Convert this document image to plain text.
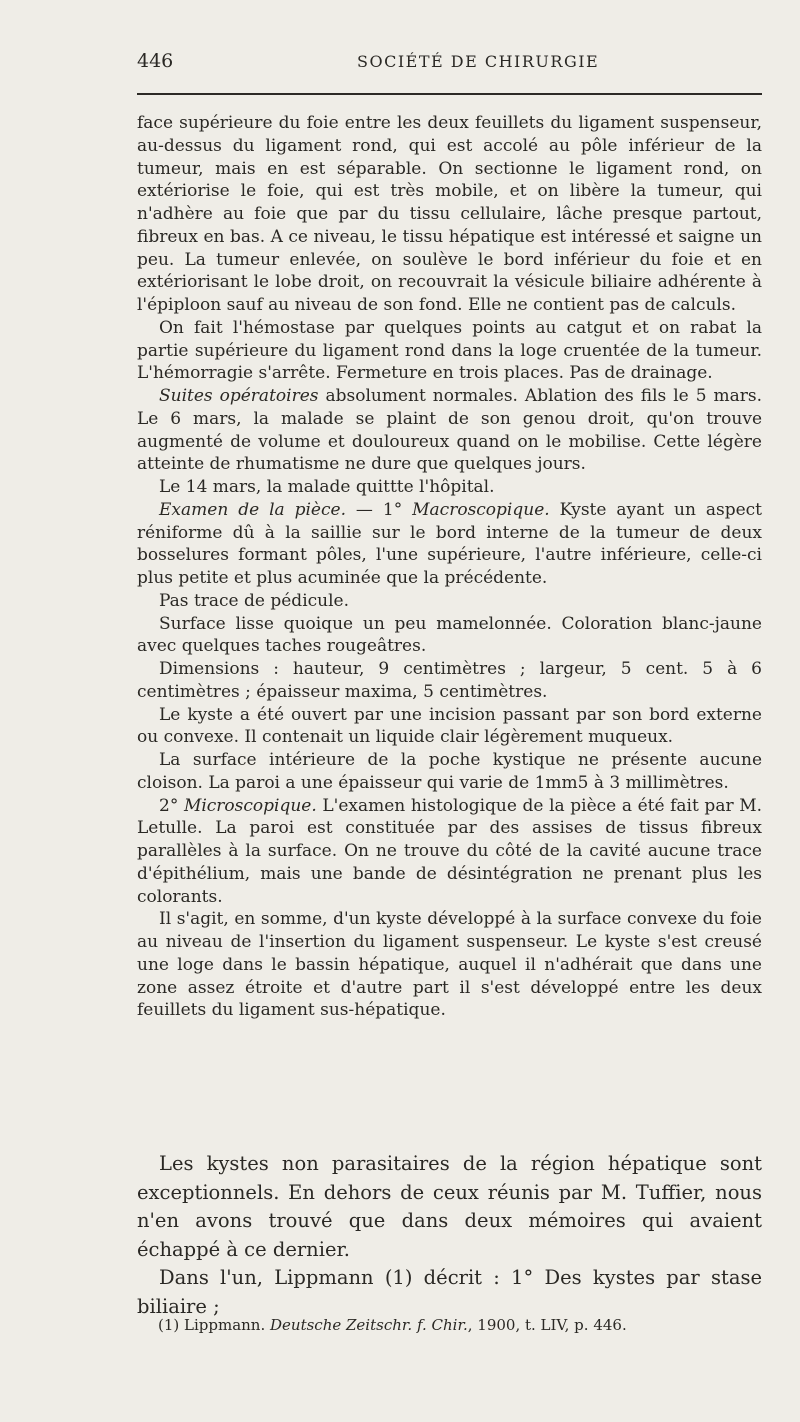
446	SOCIÉTÉ DE CHIRURGIE

face supérieure du foie entre les deux feuillets du ligament suspenseur, au-dessus du ligament rond, qui est accolé au pôle inférieur de la tumeur, mais en est séparable. On sectionne le ligament rond, on extériorise le foie, qui est très mobile, et on libère la tumeur, qui n'adhère au foie que par du tissu cellulaire, lâche presque partout, fibreux en bas. A ce niveau, le tissu hépatique est intéressé et saigne un peu. La tumeur enlevée, on soulève le bord inférieur du foie et en extériorisant le lobe droit, on recouvrait la vésicule biliaire adhérente à l'épiploon sauf au niveau de son fond. Elle ne contient pas de calculs.

On fait l'hémostase par quelques points au catgut et on rabat la partie supérieure du ligament rond dans la loge cruentée de la tumeur. L'hémorragie s'arrête. Fermeture en trois places. Pas de drainage.

Suites opératoires absolument normales. Ablation des fils le 5 mars. Le 6 mars, la malade se plaint de son genou droit, qu'on trouve augmenté de volume et douloureux quand on le mobilise. Cette légère atteinte de rhumatisme ne dure que quelques jours.

Le 14 mars, la malade quittte l'hôpital.

Examen de la pièce. — 1° Macroscopique. Kyste ayant un aspect réniforme dû à la saillie sur le bord interne de la tumeur de deux bosselures formant pôles, l'une supérieure, l'autre inférieure, celle-ci plus petite et plus acuminée que la précédente.

Pas trace de pédicule.

Surface lisse quoique un peu mamelonnée. Coloration blanc-jaune avec quelques taches rougeâtres.

Dimensions : hauteur, 9 centimètres ; largeur, 5 cent. 5 à 6 centimètres ; épaisseur maxima, 5 centimètres.

Le kyste a été ouvert par une incision passant par son bord externe ou convexe. Il contenait un liquide clair légèrement muqueux.

La surface intérieure de la poche kystique ne présente aucune cloison. La paroi a une épaisseur qui varie de 1mm5 à 3 millimètres.

2° Microscopique. L'examen histologique de la pièce a été fait par M. Letulle. La paroi est constituée par des assises de tissus fibreux parallèles à la surface. On ne trouve du côté de la cavité aucune trace d'épithélium, mais une bande de désintégration ne prenant plus les colorants.

Il s'agit, en somme, d'un kyste développé à la surface convexe du foie au niveau de l'insertion du ligament suspenseur. Le kyste s'est creusé une loge dans le bassin hépatique, auquel il n'adhérait que dans une zone assez étroite et d'autre part il s'est développé entre les deux feuillets du ligament sus-hépatique.

Les kystes non parasitaires de la région hépatique sont exceptionnels. En dehors de ceux réunis par M. Tuffier, nous n'en avons trouvé que dans deux mémoires qui avaient échappé à ce dernier.

Dans l'un, Lippmann (1) décrit : 1° Des kystes par stase biliaire ;

(1) Lippmann. Deutsche Zeitschr. f. Chir., 1900, t. LIV, p. 446.
